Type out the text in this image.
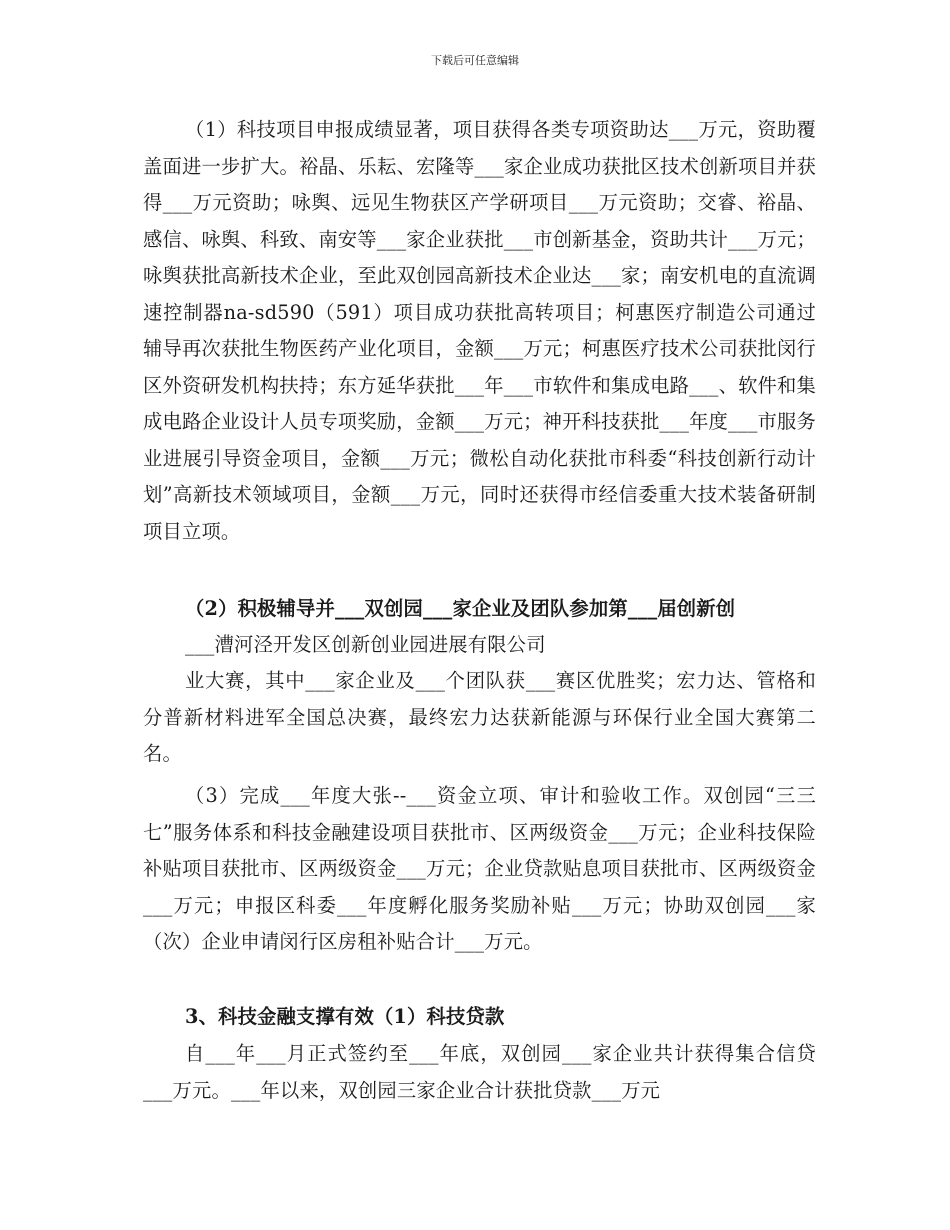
下载后可任意编辑

（1）科技项目申报成绩显著，项目获得各类专项资助达___万元，资助覆盖面进一步扩大。裕晶、乐耘、宏隆等___家企业成功获批区技术创新项目并获得___万元资助；咏舆、远见生物获区产学研项目___万元资助；交睿、裕晶、感信、咏舆、科致、南安等___家企业获批___市创新基金，资助共计___万元；咏舆获批高新技术企业，至此双创园高新技术企业达___家；南安机电的直流调速控制器na-sd590（591）项目成功获批高转项目；柯惠医疗制造公司通过辅导再次获批生物医药产业化项目，金额___万元；柯惠医疗技术公司获批闵行区外资研发机构扶持；东方延华获批___年___市软件和集成电路___、软件和集成电路企业设计人员专项奖励，金额___万元；神开科技获批___年度___市服务业进展引导资金项目，金额___万元；微松自动化获批市科委“科技创新行动计划”高新技术领域项目，金额___万元，同时还获得市经信委重大技术装备研制项目立项。

（2）积极辅导并___双创园___家企业及团队参加第___届创新创

___漕河泾开发区创新创业园进展有限公司

业大赛，其中___家企业及___个团队获___赛区优胜奖；宏力达、管格和分普新材料进军全国总决赛，最终宏力达获新能源与环保行业全国大赛第二名。

（3）完成___年度大张--___资金立项、审计和验收工作。双创园“三三七”服务体系和科技金融建设项目获批市、区两级资金___万元；企业科技保险补贴项目获批市、区两级资金___万元；企业贷款贴息项目获批市、区两级资金___万元；申报区科委___年度孵化服务奖励补贴___万元；协助双创园___家（次）企业申请闵行区房租补贴合计___万元。

3、科技金融支撑有效（1）科技贷款

自___年___月正式签约至___年底，双创园___家企业共计获得集合信贷___万元。___年以来，双创园三家企业合计获批贷款___万元
